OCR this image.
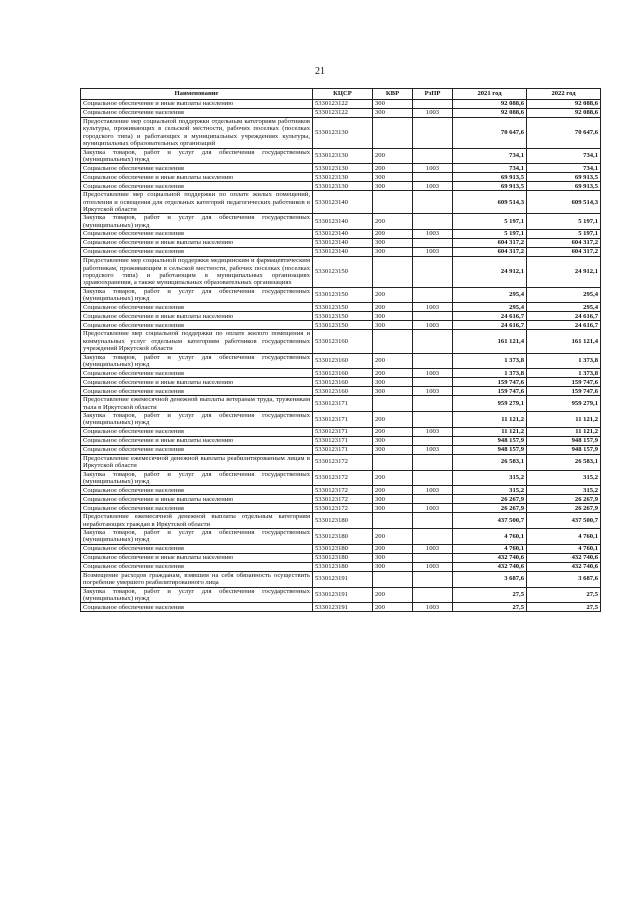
21
Наименование	КЦСР	КВР	РзПР	2021 год	2022 год
Социальное обеспечение и иные выплаты населению	5330123122	300		92 088,6	92 088,6
Социальное обеспечение населения	5330123122	300	1003	92 088,6	92 088,6
Предоставление мер социальной поддержки отдельным категориям работников культуры, проживающих в сельской местности, рабочих поселках (поселках городского типа) и работающих в муниципальных учреждениях культуры, муниципальных образовательных организаций	5330123130			70 647,6	70 647,6
Закупка товаров, работ и услуг для обеспечения государственных (муниципальных) нужд	5330123130	200		734,1	734,1
Социальное обеспечение населения	5330123130	200	1003	734,1	734,1
Социальное обеспечение и иные выплаты населению	5330123130	300		69 913,5	69 913,5
Социальное обеспечение населения	5330123130	300	1003	69 913,5	69 913,5
Предоставление мер социальной поддержки по оплате жилых помещений, отопления и освещения для отдельных категорий педагогических работников в Иркутской области	5330123140			609 514,3	609 514,3
Закупка товаров, работ и услуг для обеспечения государственных (муниципальных) нужд	5330123140	200		5 197,1	5 197,1
Социальное обеспечение населения	5330123140	200	1003	5 197,1	5 197,1
Социальное обеспечение и иные выплаты населению	5330123140	300		604 317,2	604 317,2
Социальное обеспечение населения	5330123140	300	1003	604 317,2	604 317,2
Предоставление мер социальной поддержки медицинским и фармацевтическим работникам, проживающим в сельской местности, рабочих поселках (поселках городского типа) и работающим в муниципальных организациях здравоохранения, а также муниципальных образовательных организациях	5330123150			24 912,1	24 912,1
Закупка товаров, работ и услуг для обеспечения государственных (муниципальных) нужд	5330123150	200		295,4	295,4
Социальное обеспечение населения	5330123150	200	1003	295,4	295,4
Социальное обеспечение и иные выплаты населению	5330123150	300		24 616,7	24 616,7
Социальное обеспечение населения	5330123150	300	1003	24 616,7	24 616,7
Предоставление мер социальной поддержки по оплате жилого помещения и коммунальных услуг отдельным категориям работников государственных учреждений Иркутской области	5330123160			161 121,4	161 121,4
Закупка товаров, работ и услуг для обеспечения государственных (муниципальных) нужд	5330123160	200		1 373,8	1 373,8
Социальное обеспечение населения	5330123160	200	1003	1 373,8	1 373,8
Социальное обеспечение и иные выплаты населению	5330123160	300		159 747,6	159 747,6
Социальное обеспечение населения	5330123160	300	1003	159 747,6	159 747,6
Предоставление ежемесячной денежной выплаты ветеранам труда, труженикам тыла в Иркутской области	5330123171			959 279,1	959 279,1
Закупка товаров, работ и услуг для обеспечения государственных (муниципальных) нужд	5330123171	200		11 121,2	11 121,2
Социальное обеспечение населения	5330123171	200	1003	11 121,2	11 121,2
Социальное обеспечение и иные выплаты населению	5330123171	300		948 157,9	948 157,9
Социальное обеспечение населения	5330123171	300	1003	948 157,9	948 157,9
Предоставление ежемесячной денежной выплаты реабилитированным лицам в Иркутской области	5330123172			26 583,1	26 583,1
Закупка товаров, работ и услуг для обеспечения государственных (муниципальных) нужд	5330123172	200		315,2	315,2
Социальное обеспечение населения	5330123172	200	1003	315,2	315,2
Социальное обеспечение и иные выплаты населению	5330123172	300		26 267,9	26 267,9
Социальное обеспечение населения	5330123172	300	1003	26 267,9	26 267,9
Предоставление ежемесячной денежной выплаты отдельным категориям неработающих граждан в Иркутской области	5330123180			437 500,7	437 500,7
Закупка товаров, работ и услуг для обеспечения государственных (муниципальных) нужд	5330123180	200		4 760,1	4 760,1
Социальное обеспечение населения	5330123180	200	1003	4 760,1	4 760,1
Социальное обеспечение и иные выплаты населению	5330123180	300		432 740,6	432 740,6
Социальное обеспечение населения	5330123180	300	1003	432 740,6	432 740,6
Возмещение расходов гражданам, взявшим на себя обязанность осуществить погребение умершего реабилитированного лица	5330123191			3 687,6	3 687,6
Закупка товаров, работ и услуг для обеспечения государственных (муниципальных) нужд	5330123191	200		27,5	27,5
Социальное обеспечение населения	5330123191	200	1003	27,5	27,5
